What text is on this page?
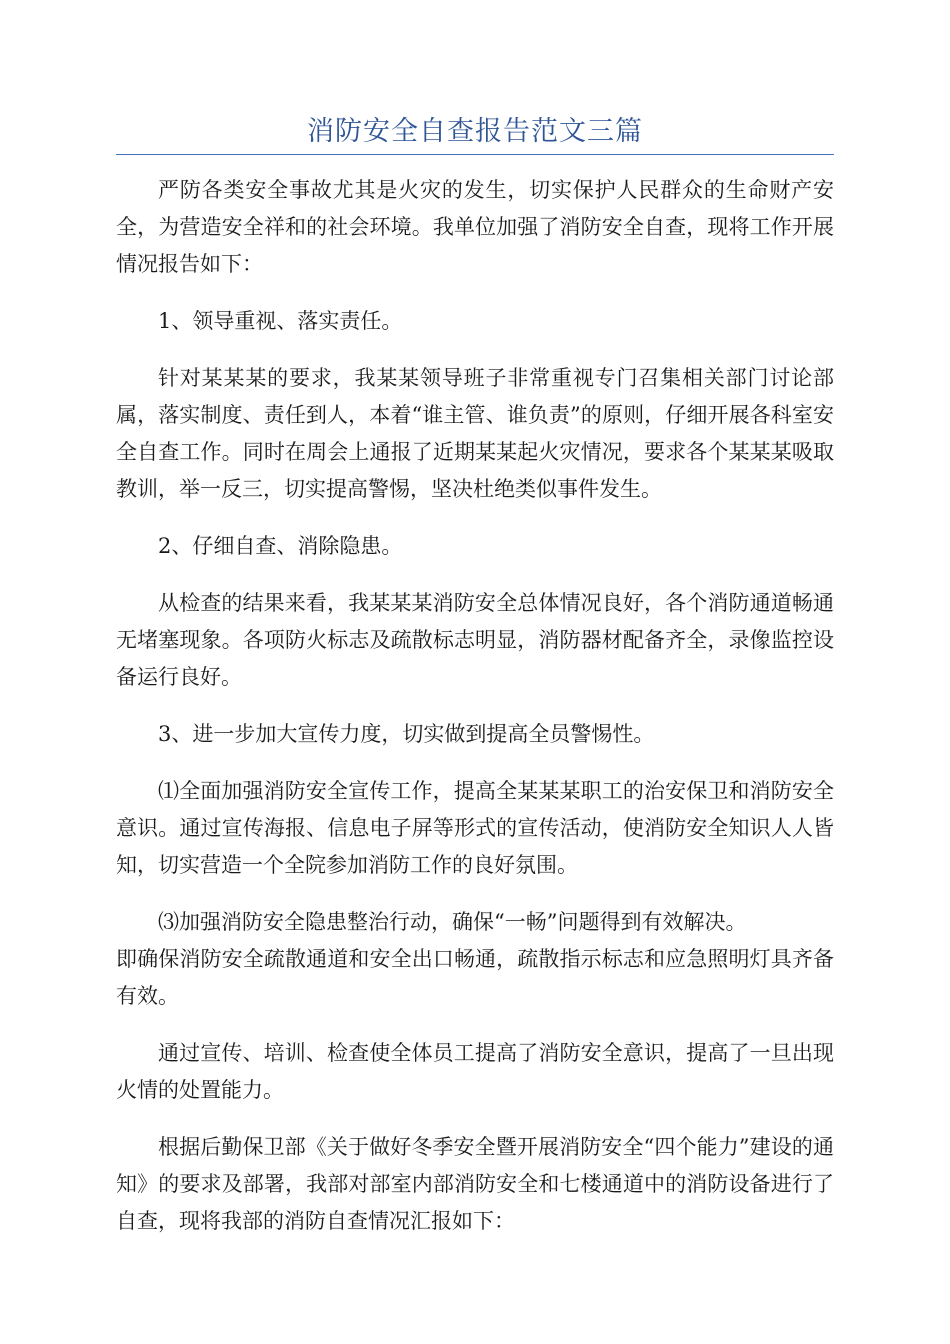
消防安全自查报告范文三篇

严防各类安全事故尤其是火灾的发生，切实保护人民群众的生命财产安全，为营造安全祥和的社会环境。我单位加强了消防安全自查，现将工作开展情况报告如下：

1、领导重视、落实责任。

针对某某某的要求，我某某领导班子非常重视专门召集相关部门讨论部属，落实制度、责任到人，本着“谁主管、谁负责”的原则，仔细开展各科室安全自查工作。同时在周会上通报了近期某某起火灾情况，要求各个某某某吸取教训，举一反三，切实提高警惕，坚决杜绝类似事件发生。

2、仔细自查、消除隐患。

从检查的结果来看，我某某某消防安全总体情况良好，各个消防通道畅通无堵塞现象。各项防火标志及疏散标志明显，消防器材配备齐全，录像监控设备运行良好。

3、进一步加大宣传力度，切实做到提高全员警惕性。

⑴全面加强消防安全宣传工作，提高全某某某职工的治安保卫和消防安全意识。通过宣传海报、信息电子屏等形式的宣传活动，使消防安全知识人人皆知，切实营造一个全院参加消防工作的良好氛围。

⑶加强消防安全隐患整治行动，确保“一畅”问题得到有效解决。

即确保消防安全疏散通道和安全出口畅通，疏散指示标志和应急照明灯具齐备有效。

通过宣传、培训、检查使全体员工提高了消防安全意识，提高了一旦出现火情的处置能力。

根据后勤保卫部《关于做好冬季安全暨开展消防安全“四个能力”建设的通知》的要求及部署，我部对部室内部消防安全和七楼通道中的消防设备进行了自查，现将我部的消防自查情况汇报如下：
